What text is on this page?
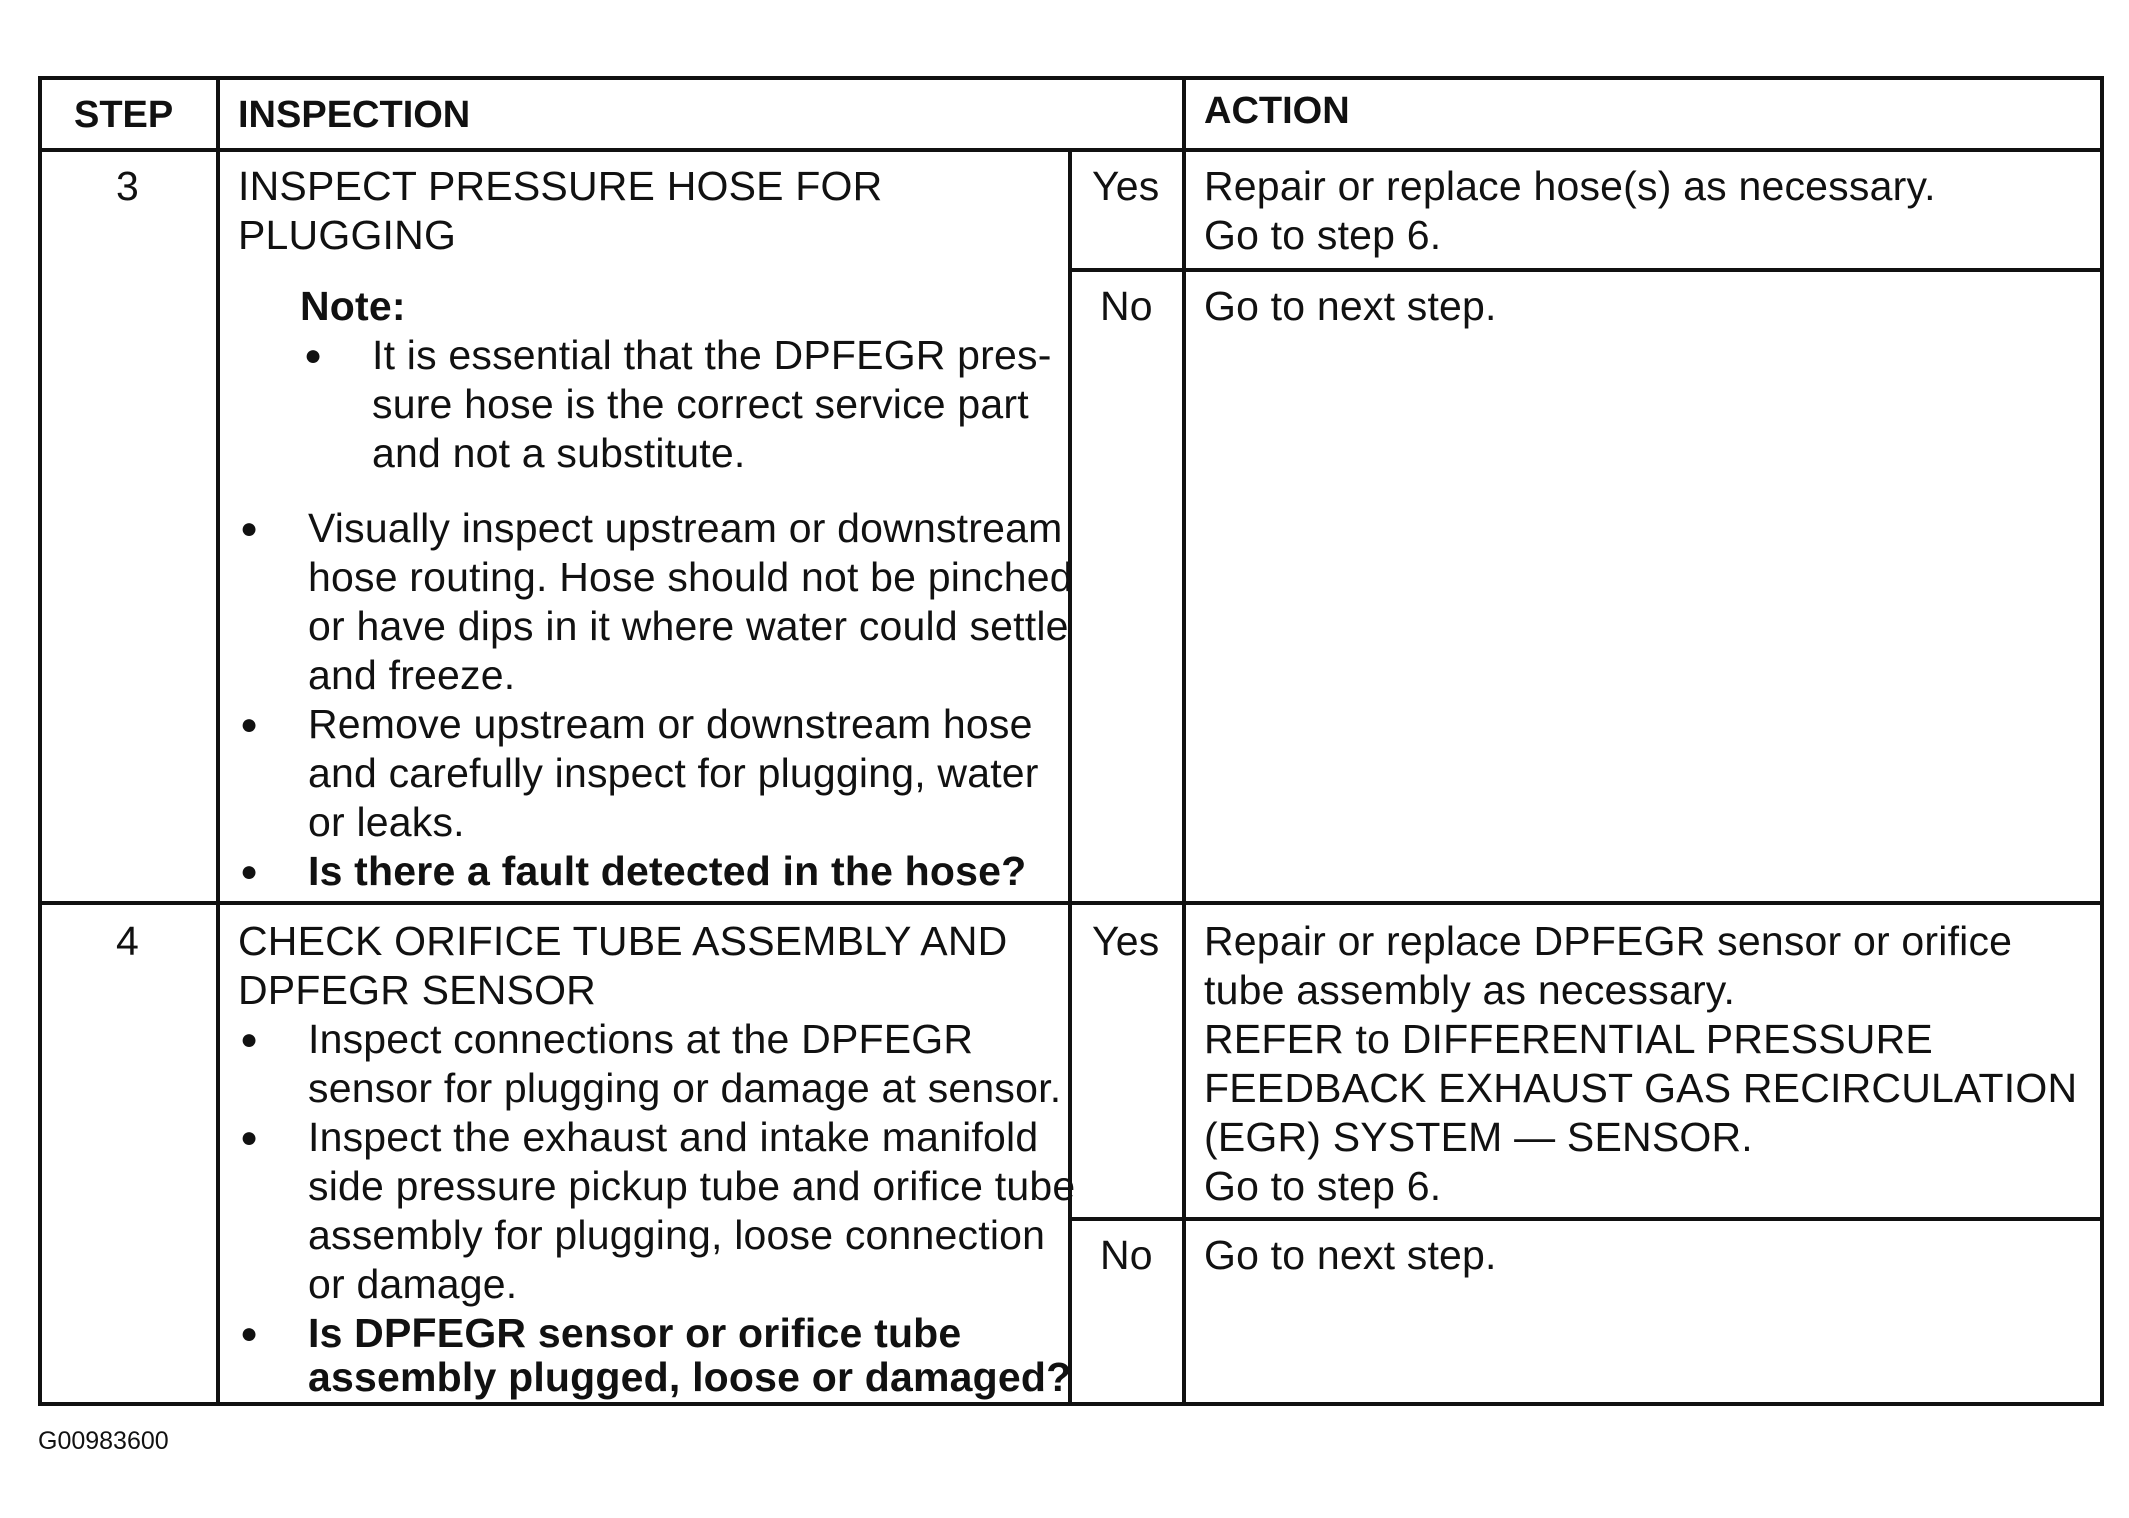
STEP INSPECTION	ACTION
3 INSPECT PRESSURE HOSE FOR
PLUGGING
Note:
● It is essential that the DPFEGR pres-
sure hose is the correct service part
and not a substitute.
● Visually inspect upstream or downstream
hose routing. Hose should not be pinched
or have dips in it where water could settle
and freeze.
● Remove upstream or downstream hose
and carefully inspect for plugging, water
or leaks.
● Is there a fault detected in the hose?
Yes Repair or replace hose(s) as necessary.
Go to step 6.
No Go to next step.
4 CHECK ORIFICE TUBE ASSEMBLY AND
DPFEGR SENSOR
● Inspect connections at the DPFEGR
sensor for plugging or damage at sensor.
● Inspect the exhaust and intake manifold
side pressure pickup tube and orifice tube
assembly for plugging, loose connection
or damage.
● Is DPFEGR sensor or orifice tube
assembly plugged, loose or damaged?
Yes Repair or replace DPFEGR sensor or orifice
tube assembly as necessary.
REFER to DIFFERENTIAL PRESSURE
FEEDBACK EXHAUST GAS RECIRCULATION
(EGR) SYSTEM — SENSOR.
Go to step 6.
No Go to next step.
G00983600
